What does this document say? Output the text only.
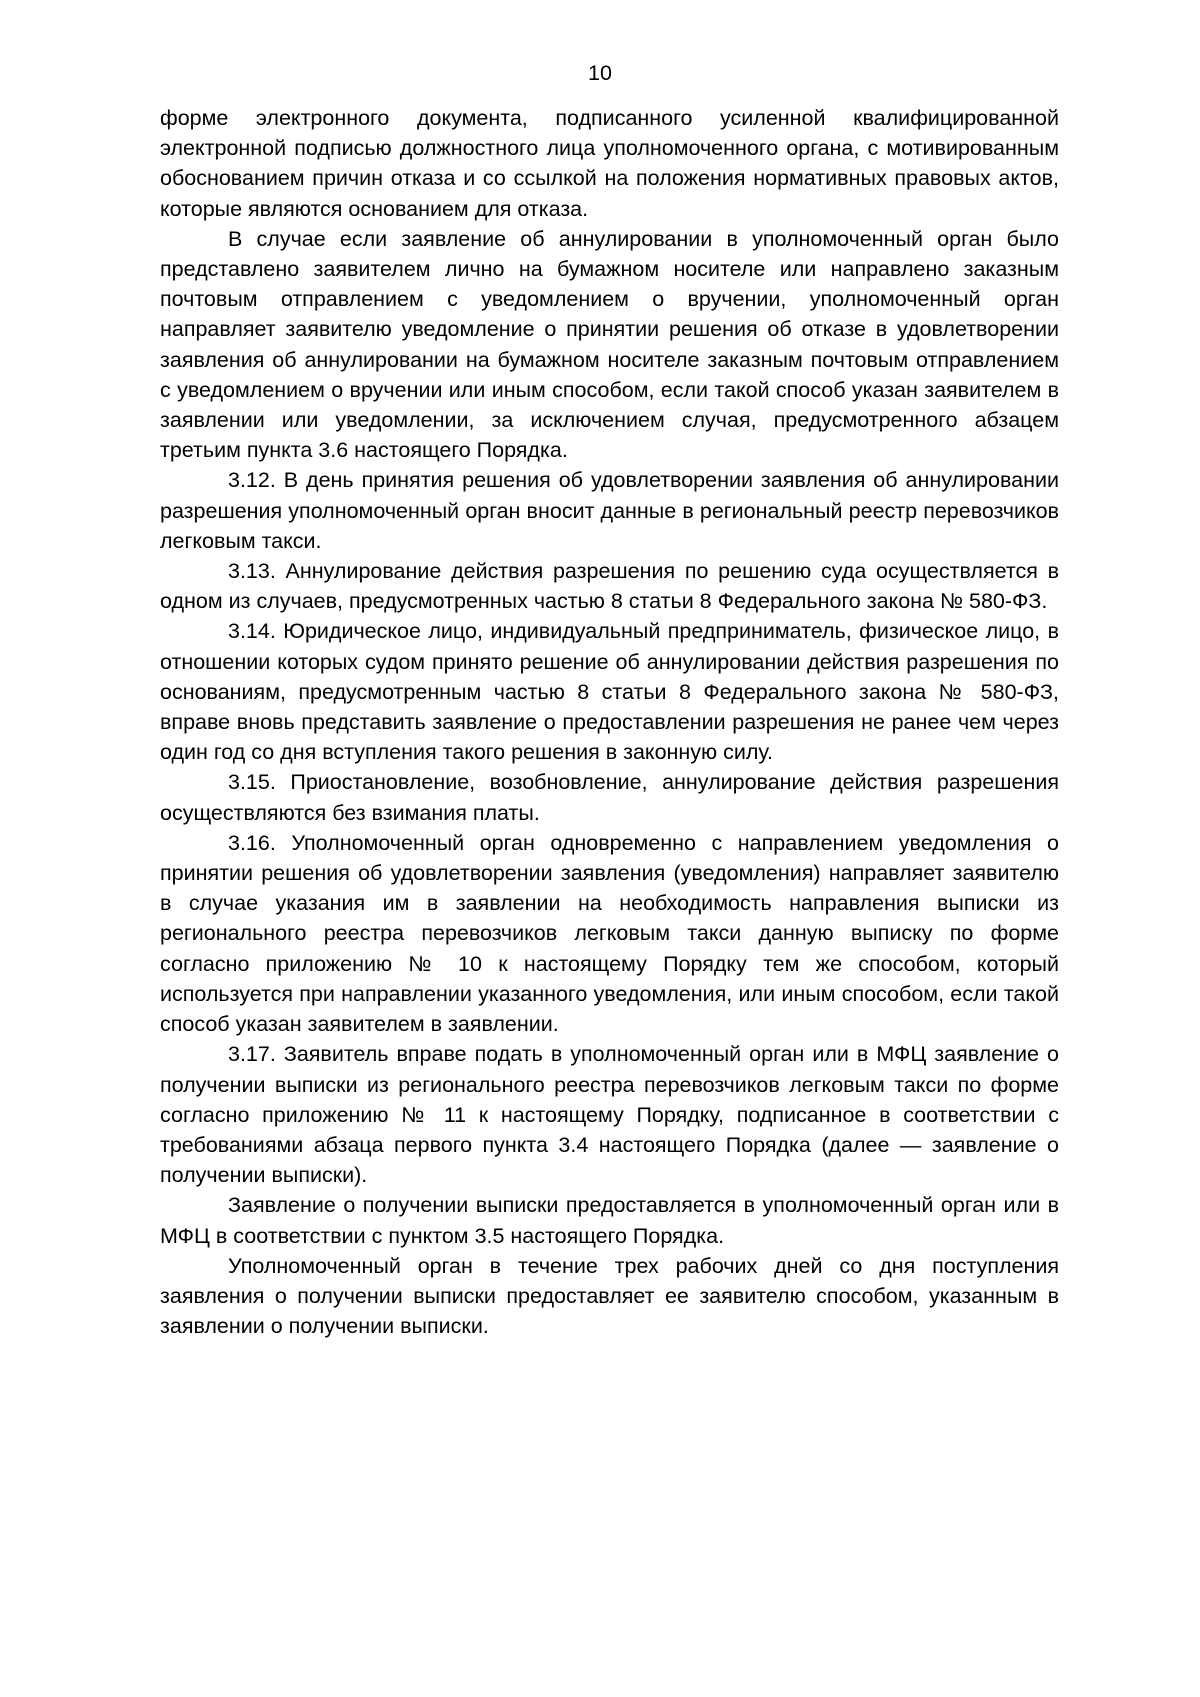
10

форме электронного документа, подписанного усиленной квалифицированной электронной подписью должностного лица уполномоченного органа, с мотивированным обоснованием причин отказа и со ссылкой на положения нормативных правовых актов, которые являются основанием для отказа.

В случае если заявление об аннулировании в уполномоченный орган было представлено заявителем лично на бумажном носителе или направлено заказным почтовым отправлением с уведомлением о вручении, уполномоченный орган направляет заявителю уведомление о принятии решения об отказе в удовлетворении заявления об аннулировании на бумажном носителе заказным почтовым отправлением с уведомлением о вручении или иным способом, если такой способ указан заявителем в заявлении или уведомлении, за исключением случая, предусмотренного абзацем третьим пункта 3.6 настоящего Порядка.

3.12. В день принятия решения об удовлетворении заявления об аннулировании разрешения уполномоченный орган вносит данные в региональный реестр перевозчиков легковым такси.

3.13. Аннулирование действия разрешения по решению суда осуществляется в одном из случаев, предусмотренных частью 8 статьи 8 Федерального закона № 580-ФЗ.

3.14. Юридическое лицо, индивидуальный предприниматель, физическое лицо, в отношении которых судом принято решение об аннулировании действия разрешения по основаниям, предусмотренным частью 8 статьи 8 Федерального закона № 580-ФЗ, вправе вновь представить заявление о предоставлении разрешения не ранее чем через один год со дня вступления такого решения в законную силу.

3.15. Приостановление, возобновление, аннулирование действия разрешения осуществляются без взимания платы.

3.16. Уполномоченный орган одновременно с направлением уведомления о принятии решения об удовлетворении заявления (уведомления) направляет заявителю в случае указания им в заявлении на необходимость направления выписки из регионального реестра перевозчиков легковым такси данную выписку по форме согласно приложению № 10 к настоящему Порядку тем же способом, который используется при направлении указанного уведомления, или иным способом, если такой способ указан заявителем в заявлении.

3.17. Заявитель вправе подать в уполномоченный орган или в МФЦ заявление о получении выписки из регионального реестра перевозчиков легковым такси по форме согласно приложению № 11 к настоящему Порядку, подписанное в соответствии с требованиями абзаца первого пункта 3.4 настоящего Порядка (далее — заявление о получении выписки).

Заявление о получении выписки предоставляется в уполномоченный орган или в МФЦ в соответствии с пунктом 3.5 настоящего Порядка.

Уполномоченный орган в течение трех рабочих дней со дня поступления заявления о получении выписки предоставляет ее заявителю способом, указанным в заявлении о получении выписки.
